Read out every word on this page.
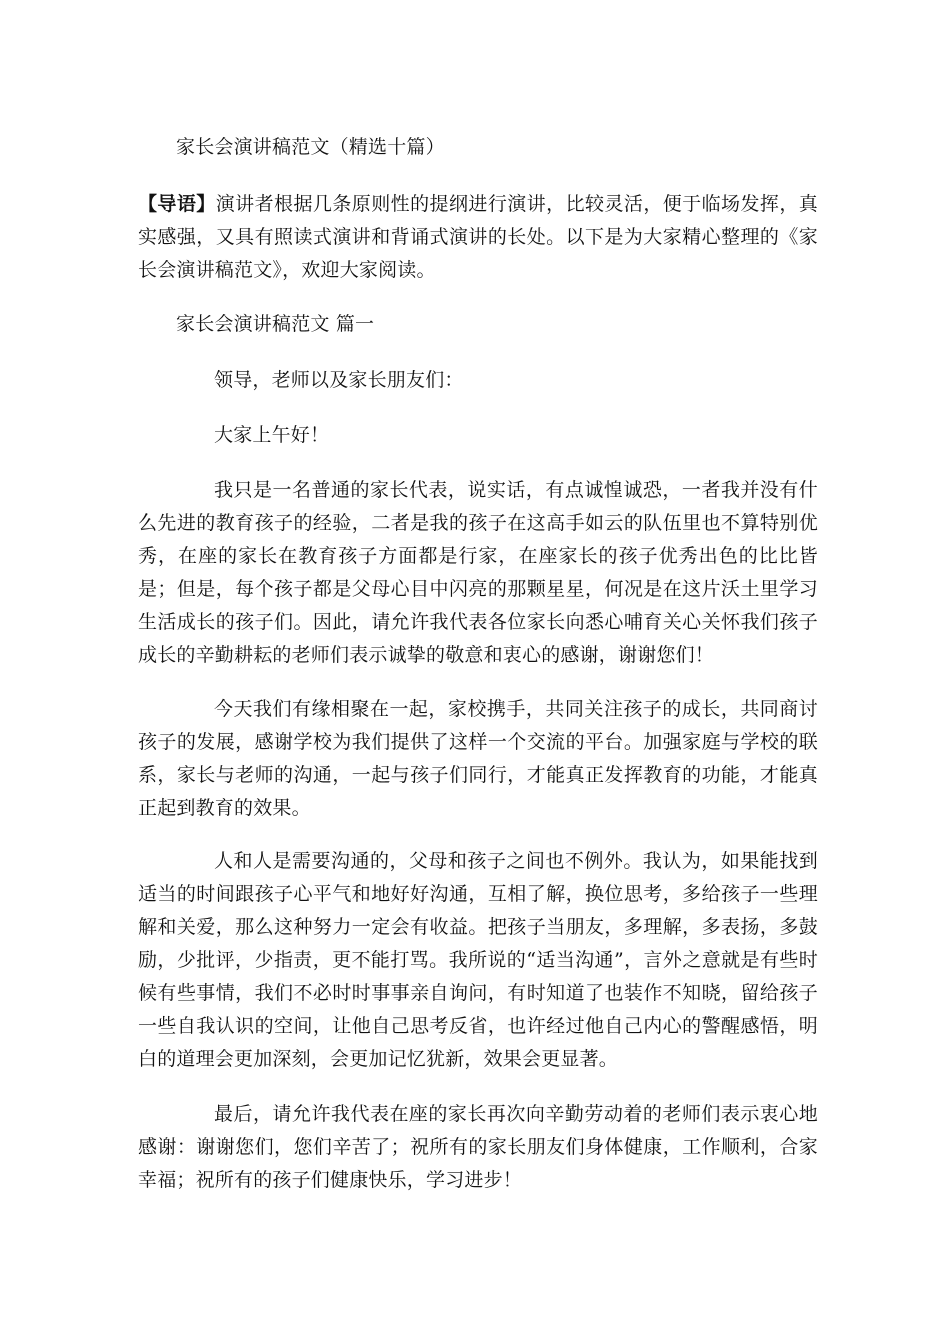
家长会演讲稿范文（精选十篇）

【导语】演讲者根据几条原则性的提纲进行演讲，比较灵活，便于临场发挥，真实感强，又具有照读式演讲和背诵式演讲的长处。以下是为大家精心整理的《家长会演讲稿范文》，欢迎大家阅读。

家长会演讲稿范文 篇一

领导，老师以及家长朋友们：

大家上午好！

我只是一名普通的家长代表，说实话，有点诚惶诚恐，一者我并没有什么先进的教育孩子的经验，二者是我的孩子在这高手如云的队伍里也不算特别优秀，在座的家长在教育孩子方面都是行家，在座家长的孩子优秀出色的比比皆是；但是，每个孩子都是父母心目中闪亮的那颗星星，何况是在这片沃土里学习生活成长的孩子们。因此，请允许我代表各位家长向悉心哺育关心关怀我们孩子成长的辛勤耕耘的老师们表示诚挚的敬意和衷心的感谢，谢谢您们！

今天我们有缘相聚在一起，家校携手，共同关注孩子的成长，共同商讨孩子的发展，感谢学校为我们提供了这样一个交流的平台。加强家庭与学校的联系，家长与老师的沟通，一起与孩子们同行，才能真正发挥教育的功能，才能真正起到教育的效果。

人和人是需要沟通的，父母和孩子之间也不例外。我认为，如果能找到适当的时间跟孩子心平气和地好好沟通，互相了解，换位思考，多给孩子一些理解和关爱，那么这种努力一定会有收益。把孩子当朋友，多理解，多表扬，多鼓励，少批评，少指责，更不能打骂。我所说的“适当沟通”，言外之意就是有些时候有些事情，我们不必时时事事亲自询问，有时知道了也装作不知晓，留给孩子一些自我认识的空间，让他自己思考反省，也许经过他自己内心的警醒感悟，明白的道理会更加深刻，会更加记忆犹新，效果会更显著。

最后，请允许我代表在座的家长再次向辛勤劳动着的老师们表示衷心地感谢：谢谢您们，您们辛苦了；祝所有的家长朋友们身体健康，工作顺利，合家幸福；祝所有的孩子们健康快乐，学习进步！
